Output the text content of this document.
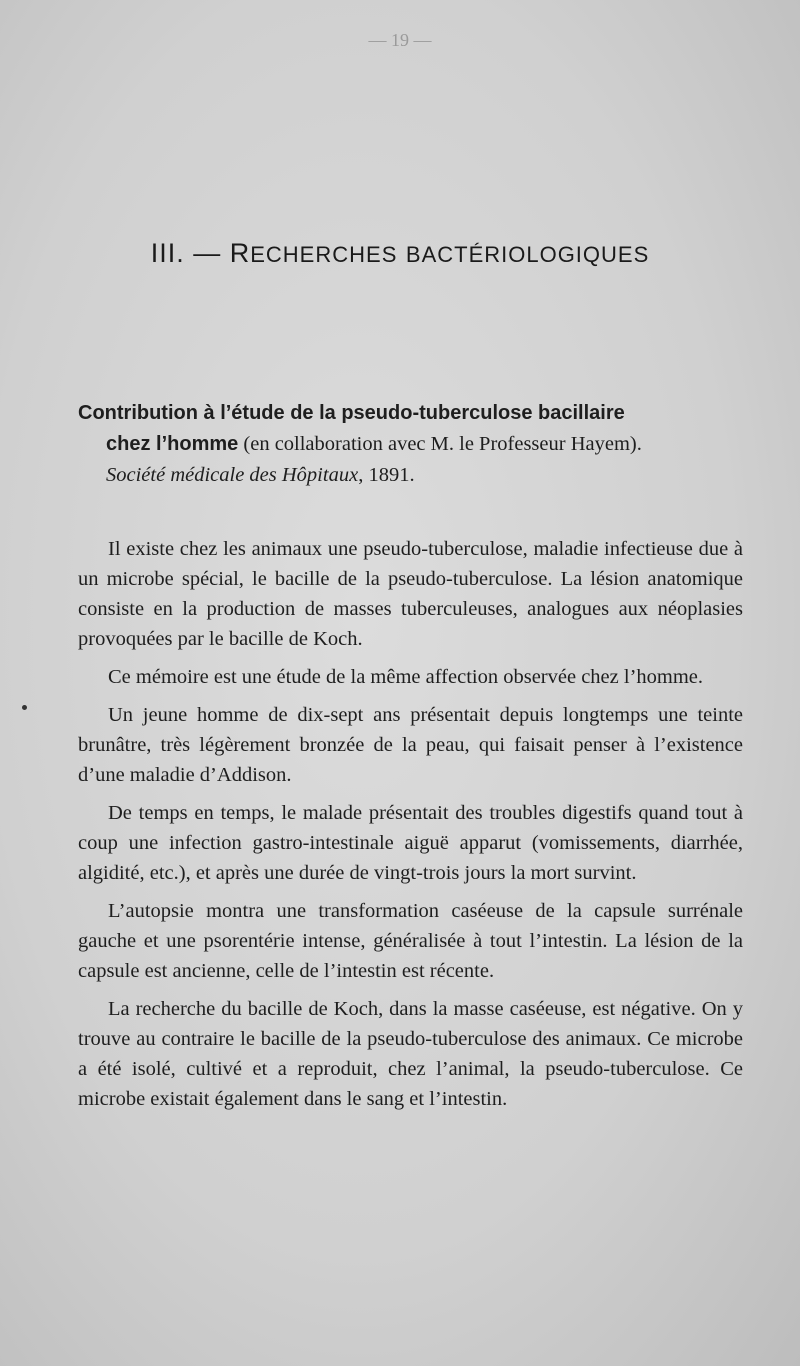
— 19 —
III. — RECHERCHES BACTÉRIOLOGIQUES
Contribution à l’étude de la pseudo-tuberculose bacillaire
chez l’homme (en collaboration avec M. le Professeur Hayem).
Société médicale des Hôpitaux, 1891.

Il existe chez les animaux une pseudo-tuberculose, maladie infectieuse due à un microbe spécial, le bacille de la pseudo-tuberculose. La lésion anatomique consiste en la production de masses tuberculeuses, analogues aux néoplasies provoquées par le bacille de Koch.

Ce mémoire est une étude de la même affection observée chez l’homme.

Un jeune homme de dix-sept ans présentait depuis longtemps une teinte brunâtre, très légèrement bronzée de la peau, qui faisait penser à l’existence d’une maladie d’Addison.

De temps en temps, le malade présentait des troubles digestifs quand tout à coup une infection gastro-intestinale aiguë apparut (vomissements, diarrhée, algidité, etc.), et après une durée de vingt-trois jours la mort survint.

L’autopsie montra une transformation caséeuse de la capsule surrénale gauche et une psorentérie intense, généralisée à tout l’intestin. La lésion de la capsule est ancienne, celle de l’intestin est récente.

La recherche du bacille de Koch, dans la masse caséeuse, est négative. On y trouve au contraire le bacille de la pseudo-tuberculose des animaux. Ce microbe a été isolé, cultivé et a reproduit, chez l’animal, la pseudo-tuberculose. Ce microbe existait également dans le sang et l’intestin.
